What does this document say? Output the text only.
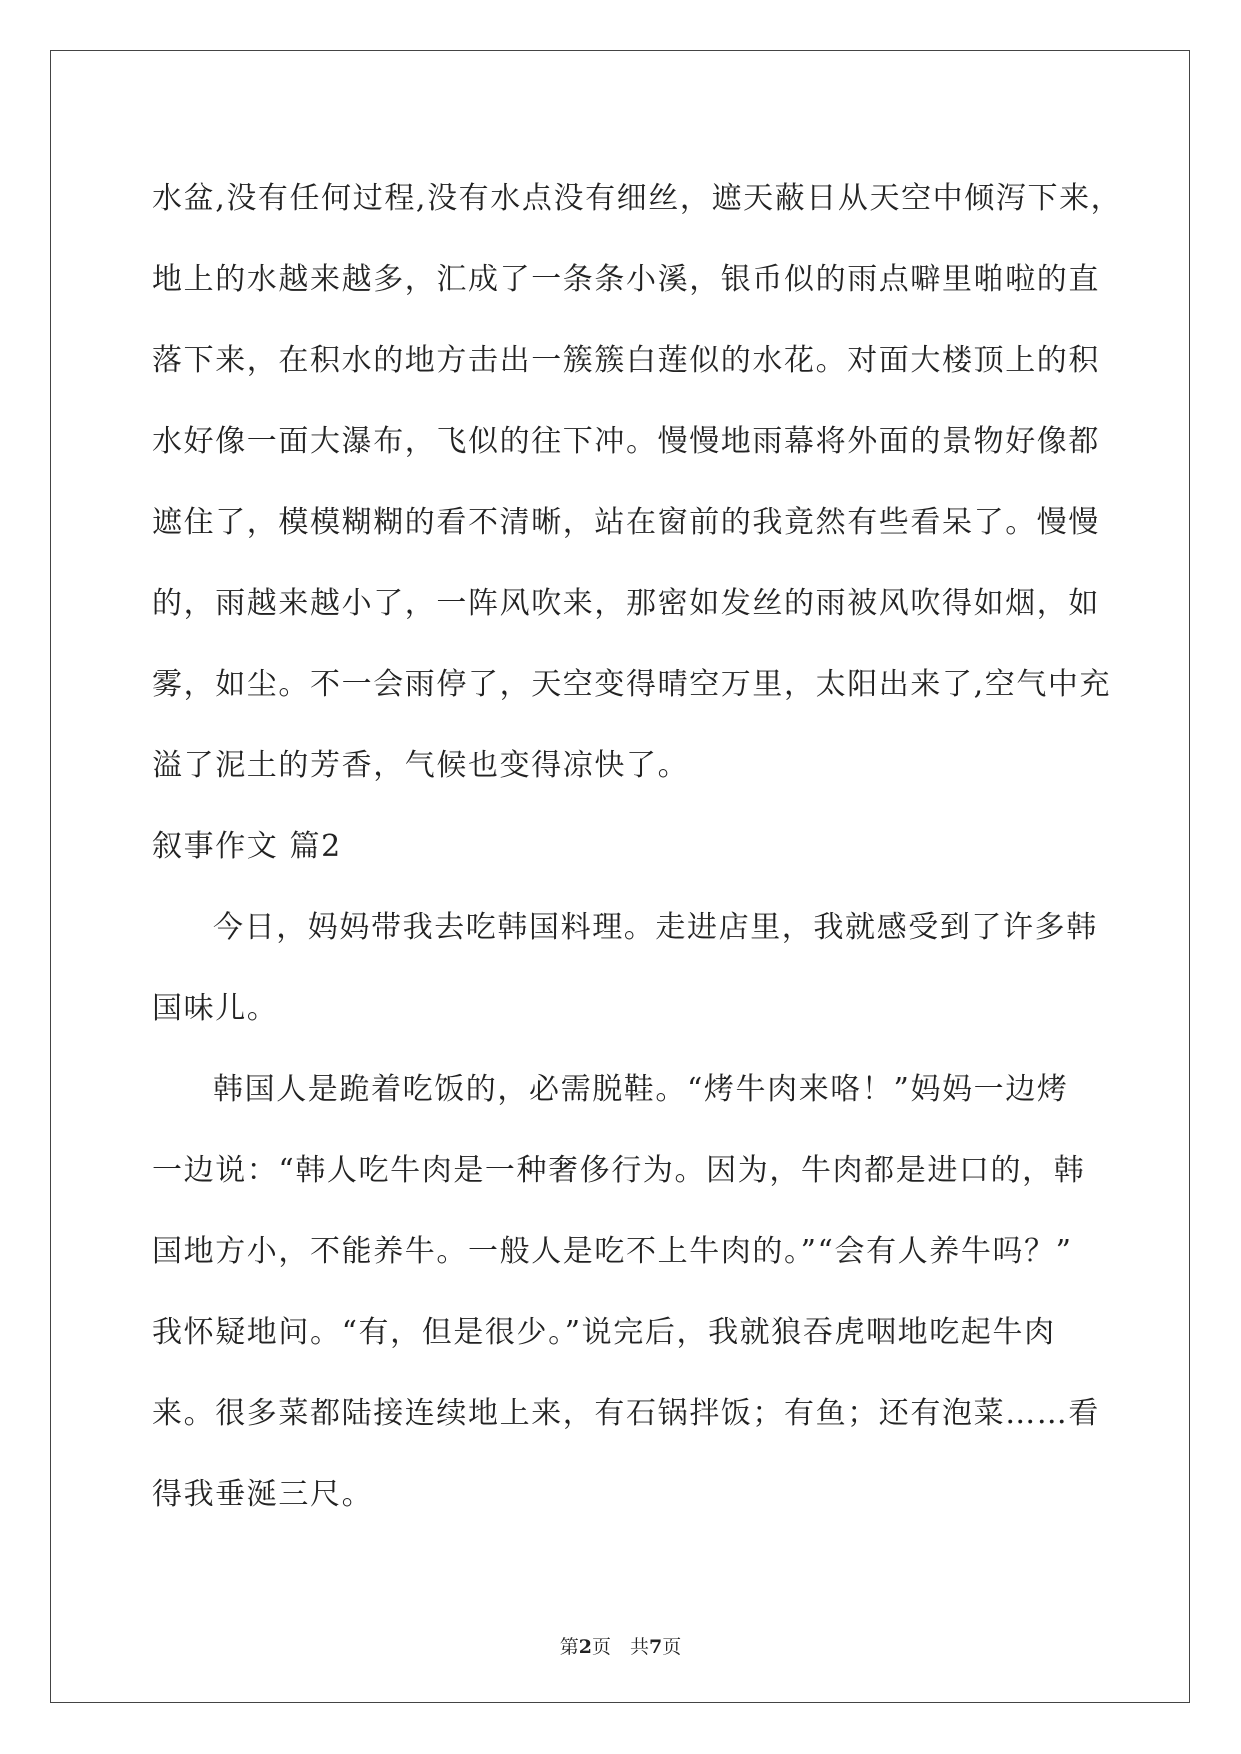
水盆,没有任何过程,没有水点没有细丝，遮天蔽日从天空中倾泻下来，
地上的水越来越多，汇成了一条条小溪，银币似的雨点噼里啪啦的直
落下来，在积水的地方击出一簇簇白莲似的水花。对面大楼顶上的积
水好像一面大瀑布，飞似的往下冲。慢慢地雨幕将外面的景物好像都
遮住了，模模糊糊的看不清晰，站在窗前的我竟然有些看呆了。慢慢
的，雨越来越小了，一阵风吹来，那密如发丝的雨被风吹得如烟，如
雾，如尘。不一会雨停了，天空变得晴空万里，太阳出来了,空气中充
溢了泥土的芳香，气候也变得凉快了。
叙事作文 篇2
今日，妈妈带我去吃韩国料理。走进店里，我就感受到了许多韩
国味儿。
韩国人是跪着吃饭的，必需脱鞋。“烤牛肉来咯！”妈妈一边烤
一边说：“韩人吃牛肉是一种奢侈行为。因为，牛肉都是进口的，韩
国地方小，不能养牛。一般人是吃不上牛肉的。”“会有人养牛吗？”
我怀疑地问。“有，但是很少。”说完后，我就狼吞虎咽地吃起牛肉
来。很多菜都陆接连续地上来，有石锅拌饭；有鱼；还有泡菜……看
得我垂涎三尺。
第2页　共7页
